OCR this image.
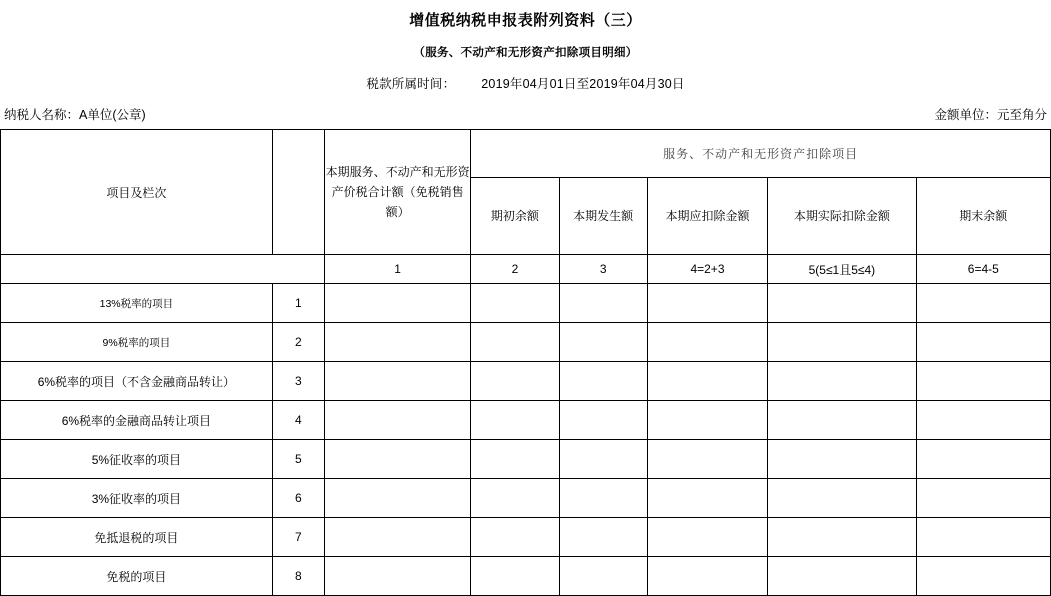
增值税纳税申报表附列资料（三）
（服务、不动产和无形资产扣除项目明细）
税款所属时间： 2019年04月01日至2019年04月30日
纳税人名称：A单位(公章)	金额单位：元至角分
项目及栏次		本期服务、不动产和无形资产价税合计额（免税销售额）	服务、不动产和无形资产扣除项目				
			期初余额	本期发生额	本期应扣除金额	本期实际扣除金额	期末余额
		1	2	3	4=2+3	5(5≤1且5≤4)	6=4-5
13%税率的项目	1						
9%税率的项目	2						
6%税率的项目（不含金融商品转让）	3						
6%税率的金融商品转让项目	4						
5%征收率的项目	5						
3%征收率的项目	6						
免抵退税的项目	7						
免税的项目	8						
